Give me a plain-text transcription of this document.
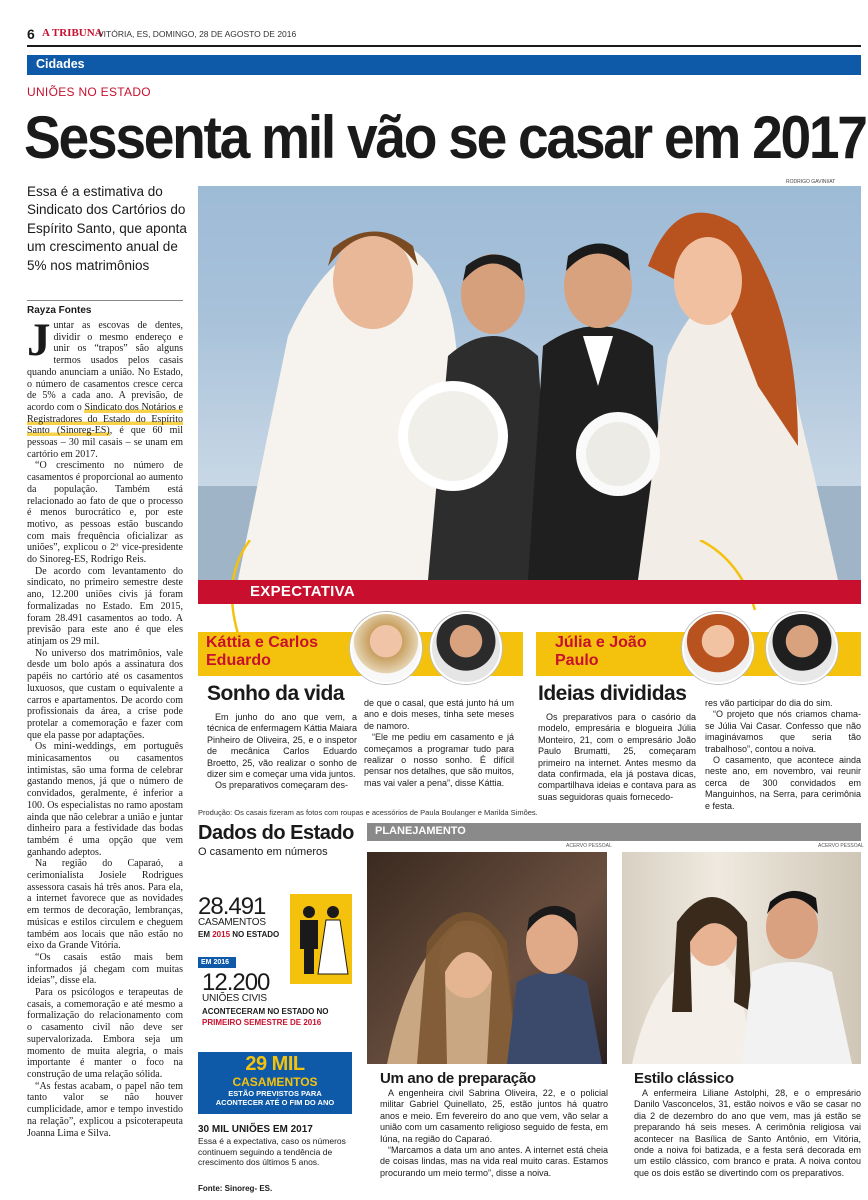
6 A TRIBUNA
VITÓRIA, ES, DOMINGO, 28 DE AGOSTO DE 2016
Cidades
UNIÕES NO ESTADO
Sessenta mil vão se casar em 2017
Essa é a estimativa do Sindicato dos Cartórios do Espírito Santo, que aponta um crescimento anual de 5% nos matrimônios
Rayza Fontes

Juntar as escovas de dentes, dividir o mesmo endereço e unir os “trapos” são alguns termos usados pelos casais quando anunciam a união. No Estado, o número de casamentos cresce cerca de 5% a cada ano. A previsão, de acordo com o Sindicato dos Notários e Registradores do Estado do Espírito Santo (Sinoreg-ES), é que 60 mil pessoas – 30 mil casais – se unam em cartório em 2017.

“O crescimento no número de casamentos é proporcional ao aumento da população. Também está relacionado ao fato de que o processo é menos burocrático e, por este motivo, as pessoas estão buscando com mais frequência oficializar as uniões”, explicou o 2º vice-presidente do Sinoreg-ES, Rodrigo Reis.

De acordo com levantamento do sindicato, no primeiro semestre deste ano, 12.200 uniões civis já foram formalizadas no Estado. Em 2015, foram 28.491 casamentos ao todo. A previsão para este ano é que eles atinjam os 29 mil.

No universo dos matrimônios, vale desde um bolo após a assinatura dos papéis no cartório até os casamentos luxuosos, que custam o equivalente a carros e apartamentos. De acordo com profissionais da área, a crise pode protelar a comemoração e fazer com que ela passe por adaptações.

Os mini-weddings, em português minicasamentos ou casamentos intimistas, são uma forma de celebrar gastando menos, já que o número de convidados, geralmente, é inferior a 100. Os especialistas no ramo apostam ainda que não celebrar a união e juntar dinheiro para a festividade das bodas também é uma opção que vem ganhando adeptos.

Na região do Caparaó, a cerimonialista Josiele Rodrigues assessora casais há três anos. Para ela, a internet favorece que as novidades em termos de decoração, lembranças, músicas e estilos circulem e cheguem também aos locais que não estão no eixo da Grande Vitória.

“Os casais estão mais bem informados já chegam com muitas ideias”, disse ela.

Para os psicólogos e terapeutas de casais, a comemoração e até mesmo a formalização do relacionamento com o casamento civil não deve ser supervalorizada. Embora seja um momento de muita alegria, o mais importante é manter o foco na construção de uma relação sólida.

“As festas acabam, o papel não tem tanto valor se não houver cumplicidade, amor e tempo investido na relação”, explicou a psicoterapeuta Joanna Lima e Silva.

RODRIGO GAVINI/AT
EXPECTATIVA
Káttia e Carlos Eduardo
Sonho da vida

Em junho do ano que vem, a técnica de enfermagem Káttia Maiara Pinheiro de Oliveira, 25, e o inspetor de mecânica Carlos Eduardo Broetto, 25, vão realizar o sonho de dizer sim e começar uma vida juntos.

Os preparativos começaram des-

de que o casal, que está junto há um ano e dois meses, tinha sete meses de namoro.

“Ele me pediu em casamento e já começamos a programar tudo para realizar o nosso sonho. É difícil pensar nos detalhes, que são muitos, mas vai valer a pena”, disse Káttia.

Júlia e João Paulo
Ideias divididas

Os preparativos para o casório da modelo, empresária e blogueira Júlia Monteiro, 21, com o empresário João Paulo Brumatti, 25, começaram primeiro na internet. Antes mesmo da data confirmada, ela já postava dicas, compartilhava ideias e contava para as suas seguidoras quais fornecedo-

res vão participar do dia do sim.

“O projeto que nós criamos chama-se Júlia Vai Casar. Confesso que não imaginávamos que seria tão trabalhoso”, contou a noiva.

O casamento, que acontece ainda neste ano, em novembro, vai reunir cerca de 300 convidados em Manguinhos, na Serra, para cerimônia e festa.

Produção: Os casais fizeram as fotos com roupas e acessórios de Paula Boulanger e Marilda Simões.
Dados do Estado
O casamento em números
28.491
CASAMENTOS
EM 2015 NO ESTADO
EM 2016
12.200
UNIÕES CIVIS
ACONTECERAM NO ESTADO NO
PRIMEIRO SEMESTRE DE 2016
29 MIL
CASAMENTOS
ESTÃO PREVISTOS PARA ACONTECER ATÉ O FIM DO ANO
30 MIL UNIÕES EM 2017
Essa é a expectativa, caso os números continuem seguindo a tendência de crescimento dos últimos 5 anos.
Fonte: Sinoreg- ES.
PLANEJAMENTO
ACERVO PESSOAL
Um ano de preparação

A engenheira civil Sabrina Oliveira, 22, e o policial militar Gabriel Quinellato, 25, estão juntos há quatro anos e meio. Em fevereiro do ano que vem, vão selar a união com um casamento religioso seguido de festa, em Iúna, na região do Caparaó.

“Marcamos a data um ano antes. A internet está cheia de coisas lindas, mas na vida real muito caras. Estamos procurando um meio termo”, disse a noiva.

ACERVO PESSOAL
Estilo clássico

A enfermeira Liliane Astolphi, 28, e o empresário Danilo Vasconcelos, 31, estão noivos e vão se casar no dia 2 de dezembro do ano que vem, mas já estão se preparando há seis meses. A cerimônia religiosa vai acontecer na Basílica de Santo Antônio, em Vitória, onde a noiva foi batizada, e a festa será decorada em um estilo clássico, com branco e prata. A noiva contou que os dois estão se divertindo com os preparativos.
